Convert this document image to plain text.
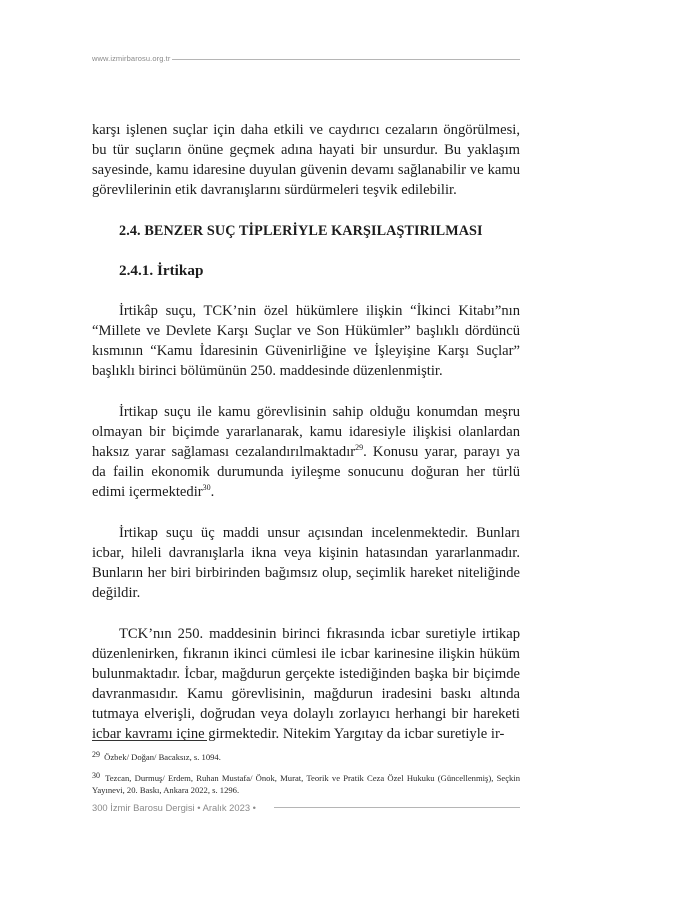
www.izmirbarosu.org.tr

karşı işlenen suçlar için daha etkili ve caydırıcı cezaların öngörülmesi, bu tür suçların önüne geçmek adına hayati bir unsurdur. Bu yaklaşım sayesinde, kamu idaresine duyulan güvenin devamı sağlanabilir ve kamu görevlilerinin etik davranışlarını sürdürmeleri teşvik edilebilir.

2.4. BENZER SUÇ TİPLERİYLE KARŞILAŞTIRILMASI
2.4.1. İrtikap

İrtikâp suçu, TCK’nin özel hükümlere ilişkin “İkinci Kitabı”nın “Millete ve Devlete Karşı Suçlar ve Son Hükümler” başlıklı dördüncü kısmının “Kamu İdaresinin Güvenirliğine ve İşleyişine Karşı Suçlar” başlıklı birinci bölümünün 250. maddesinde düzenlenmiştir.

İrtikap suçu ile kamu görevlisinin sahip olduğu konumdan meşru olmayan bir biçimde yararlanarak, kamu idaresiyle ilişkisi olanlardan haksız yarar sağlaması cezalandırılmaktadır$^{29}$. Konusu yarar, parayı ya da failin ekonomik durumunda iyileşme sonucunu doğuran her türlü edimi içermektedir$^{30}$.

İrtikap suçu üç maddi unsur açısından incelenmektedir. Bunları icbar, hileli davranışlarla ikna veya kişinin hatasından yararlanmadır. Bunların her biri birbirinden bağımsız olup, seçimlik hareket niteliğinde değildir.

TCK’nın 250. maddesinin birinci fıkrasında icbar suretiyle irtikap düzenlenirken, fıkranın ikinci cümlesi ile icbar karinesine ilişkin hüküm bulunmaktadır. İcbar, mağdurun gerçekte istediğinden başka bir biçimde davranmasıdır. Kamu görevlisinin, mağdurun iradesini baskı altında tutmaya elverişli, doğrudan veya dolaylı zorlayıcı herhangi bir hareketi icbar kavramı içine girmektedir. Nitekim Yargıtay da icbar suretiyle ir-

29 Özbek/ Doğan/ Bacaksız, s. 1094.
30 Tezcan, Durmuş/ Erdem, Ruhan Mustafa/ Önok, Murat, Teorik ve Pratik Ceza Özel Hukuku (Güncellenmiş), Seçkin Yayınevi, 20. Baskı, Ankara 2022, s. 1296.
300 İzmir Barosu Dergisi • Aralık 2023 •
